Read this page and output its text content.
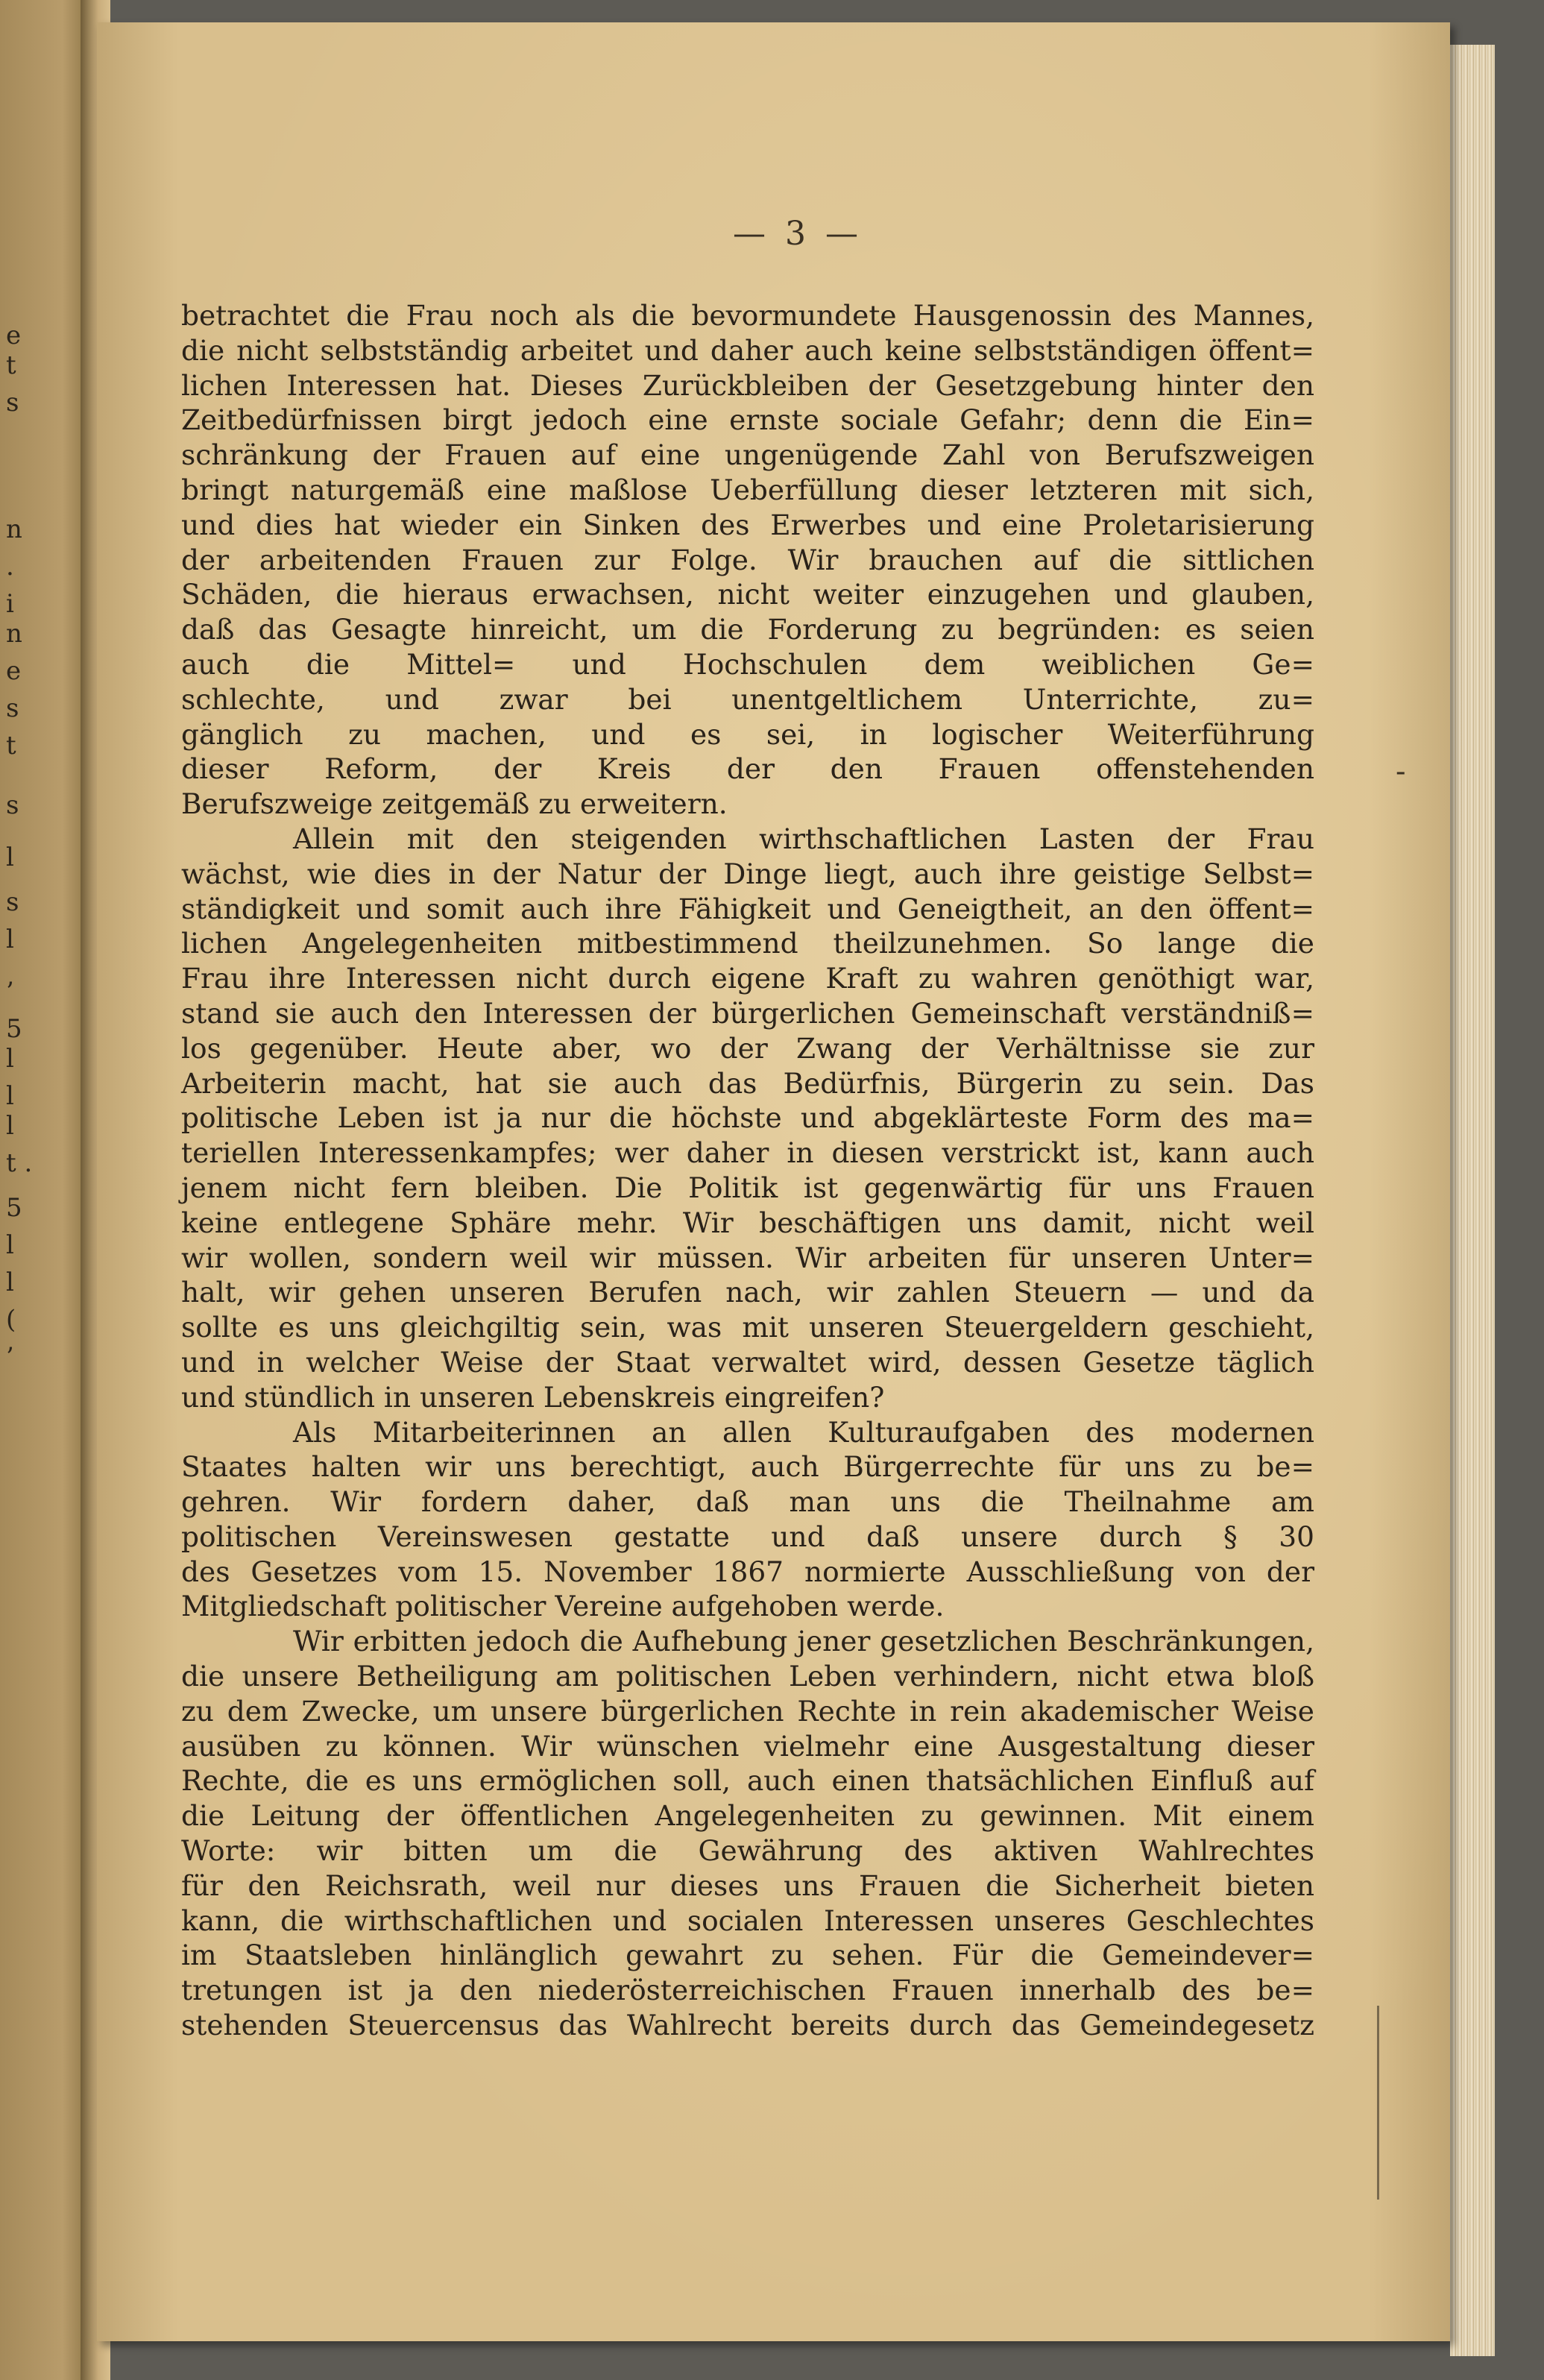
e
t
s
n
.
i
n
e
s
t
s
l
s
l
’
5
l
l
l
t .
5
l
l
(
’
— 3 —
betrachtet die Frau noch als die bevormundete Hausgenossin des Mannes,
die nicht selbstständig arbeitet und daher auch keine selbstständigen öffent=
lichen Interessen hat. Dieses Zurückbleiben der Gesetzgebung hinter den
Zeitbedürfnissen birgt jedoch eine ernste sociale Gefahr; denn die Ein=
schränkung der Frauen auf eine ungenügende Zahl von Berufszweigen
bringt naturgemäß eine maßlose Ueberfüllung dieser letzteren mit sich,
und dies hat wieder ein Sinken des Erwerbes und eine Proletarisierung
der arbeitenden Frauen zur Folge. Wir brauchen auf die sittlichen
Schäden, die hieraus erwachsen, nicht weiter einzugehen und glauben,
daß das Gesagte hinreicht, um die Forderung zu begründen: es seien
auch die Mittel= und Hochschulen dem weiblichen Ge=
schlechte, und zwar bei unentgeltlichem Unterrichte, zu=
gänglich zu machen, und es sei, in logischer Weiterführung
dieser Reform, der Kreis der den Frauen offenstehenden
Berufszweige zeitgemäß zu erweitern.
Allein mit den steigenden wirthschaftlichen Lasten der Frau
wächst, wie dies in der Natur der Dinge liegt, auch ihre geistige Selbst=
ständigkeit und somit auch ihre Fähigkeit und Geneigtheit, an den öffent=
lichen Angelegenheiten mitbestimmend theilzunehmen. So lange die
Frau ihre Interessen nicht durch eigene Kraft zu wahren genöthigt war,
stand sie auch den Interessen der bürgerlichen Gemeinschaft verständniß=
los gegenüber. Heute aber, wo der Zwang der Verhältnisse sie zur
Arbeiterin macht, hat sie auch das Bedürfnis, Bürgerin zu sein. Das
politische Leben ist ja nur die höchste und abgeklärteste Form des ma=
teriellen Interessenkampfes; wer daher in diesen verstrickt ist, kann auch
jenem nicht fern bleiben. Die Politik ist gegenwärtig für uns Frauen
keine entlegene Sphäre mehr. Wir beschäftigen uns damit, nicht weil
wir wollen, sondern weil wir müssen. Wir arbeiten für unseren Unter=
halt, wir gehen unseren Berufen nach, wir zahlen Steuern — und da
sollte es uns gleichgiltig sein, was mit unseren Steuergeldern geschieht,
und in welcher Weise der Staat verwaltet wird, dessen Gesetze täglich
und stündlich in unseren Lebenskreis eingreifen?
Als Mitarbeiterinnen an allen Kulturaufgaben des modernen
Staates halten wir uns berechtigt, auch Bürgerrechte für uns zu be=
gehren. Wir fordern daher, daß man uns die Theilnahme am
politischen Vereinswesen gestatte und daß unsere durch § 30
des Gesetzes vom 15. November 1867 normierte Ausschließung von der
Mitgliedschaft politischer Vereine aufgehoben werde.
Wir erbitten jedoch die Aufhebung jener gesetzlichen Beschränkungen,
die unsere Betheiligung am politischen Leben verhindern, nicht etwa bloß
zu dem Zwecke, um unsere bürgerlichen Rechte in rein akademischer Weise
ausüben zu können. Wir wünschen vielmehr eine Ausgestaltung dieser
Rechte, die es uns ermöglichen soll, auch einen thatsächlichen Einfluß auf
die Leitung der öffentlichen Angelegenheiten zu gewinnen. Mit einem
Worte: wir bitten um die Gewährung des aktiven Wahlrechtes
für den Reichsrath, weil nur dieses uns Frauen die Sicherheit bieten
kann, die wirthschaftlichen und socialen Interessen unseres Geschlechtes
im Staatsleben hinlänglich gewahrt zu sehen. Für die Gemeindever=
tretungen ist ja den niederösterreichischen Frauen innerhalb des be=
stehenden Steuercensus das Wahlrecht bereits durch das Gemeindegesetz
-
